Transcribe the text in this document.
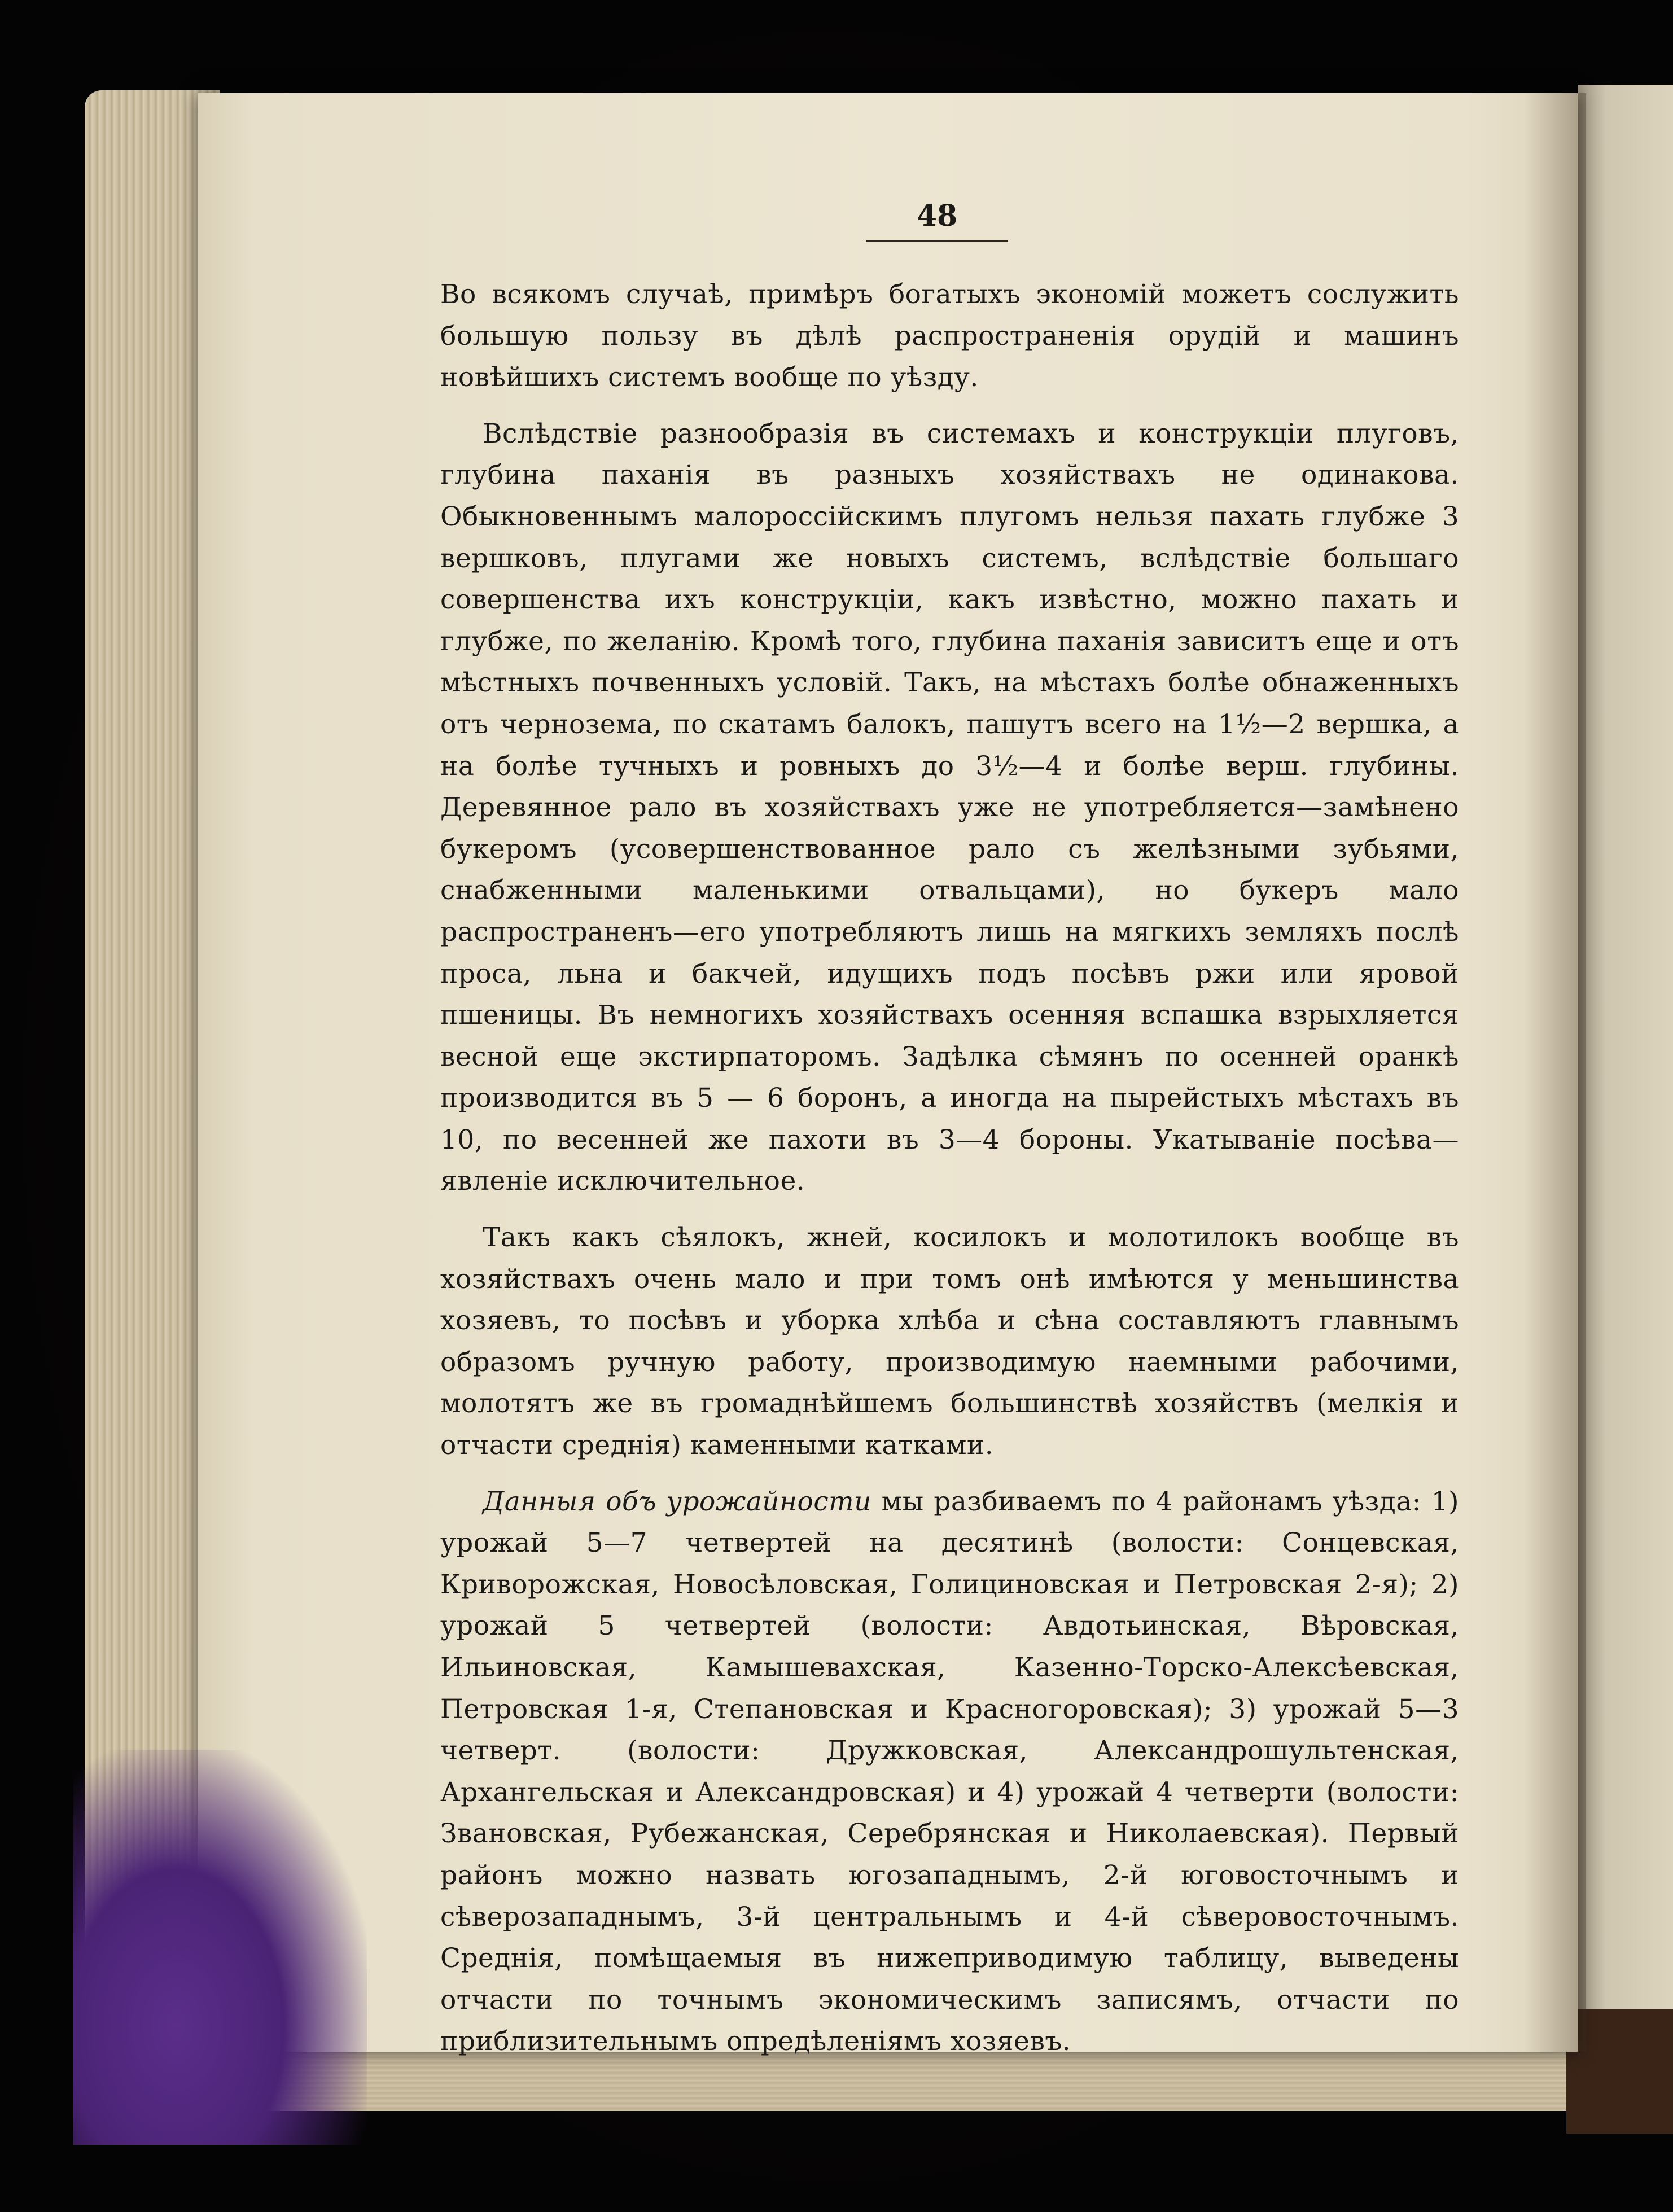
48

Во всякомъ случаѣ, примѣръ богатыхъ экономій можетъ сослужить большую пользу въ дѣлѣ распространенія орудій и машинъ новѣйшихъ системъ вообще по уѣзду.

Вслѣдствіе разнообразія въ системахъ и конструкціи плуговъ, глубина паханія въ разныхъ хозяйствахъ не одинакова. Обыкновеннымъ малороссійскимъ плугомъ нельзя пахать глубже 3 вершковъ, плугами же новыхъ системъ, вслѣдствіе большаго совершенства ихъ конструкціи, какъ извѣстно, можно пахать и глубже, по желанію. Кромѣ того, глубина паханія зависитъ еще и отъ мѣстныхъ почвенныхъ условій. Такъ, на мѣстахъ болѣе обнаженныхъ отъ чернозема, по скатамъ балокъ, пашутъ всего на 1½—2 вершка, а на болѣе тучныхъ и ровныхъ до 3½—4 и болѣе верш. глубины. Деревянное рало въ хозяйствахъ уже не употребляется—замѣнено букеромъ (усовершенствованное рало съ желѣзными зубьями, снабженными маленькими отвальцами), но букеръ мало распространенъ—его употребляютъ лишь на мягкихъ земляхъ послѣ проса, льна и бакчей, идущихъ подъ посѣвъ ржи или яровой пшеницы. Въ немногихъ хозяйствахъ осенняя вспашка взрыхляется весной еще экстирпаторомъ. Задѣлка сѣмянъ по осенней оранкѣ производится въ 5 — 6 боронъ, а иногда на пырейстыхъ мѣстахъ въ 10, по весенней же пахоти въ 3—4 бороны. Укатываніе посѣва—явленіе исключительное.

Такъ какъ сѣялокъ, жней, косилокъ и молотилокъ вообще въ хозяйствахъ очень мало и при томъ онѣ имѣются у меньшинства хозяевъ, то посѣвъ и уборка хлѣба и сѣна составляютъ главнымъ образомъ ручную работу, производимую наемными рабочими, молотятъ же въ громаднѣйшемъ большинствѣ хозяйствъ (мелкія и отчасти среднія) каменными катками.

Данныя объ урожайности мы разбиваемъ по 4 районамъ уѣзда: 1) урожай 5—7 четвертей на десятинѣ (волости: Сонцевская, Криворожская, Новосѣловская, Голициновская и Петровская 2-я); 2) урожай 5 четвертей (волости: Авдотьинская, Вѣровская, Ильиновская, Камышевахская, Казенно-Торско-Алексѣевская, Петровская 1-я, Степановская и Красногоровская); 3) урожай 5—3 четверт. (волости: Дружковская, Александрошультенская, Архангельская и Александровская) и 4) урожай 4 четверти (волости: Звановская, Рубежанская, Серебрянская и Николаевская). Первый районъ можно назвать югозападнымъ, 2-й юговосточнымъ и сѣверозападнымъ, 3-й центральнымъ и 4-й сѣверовосточнымъ. Среднія, помѣщаемыя въ нижеприводимую таблицу, выведены отчасти по точнымъ экономическимъ записямъ, отчасти по приблизительнымъ опредѣленіямъ хозяевъ.
